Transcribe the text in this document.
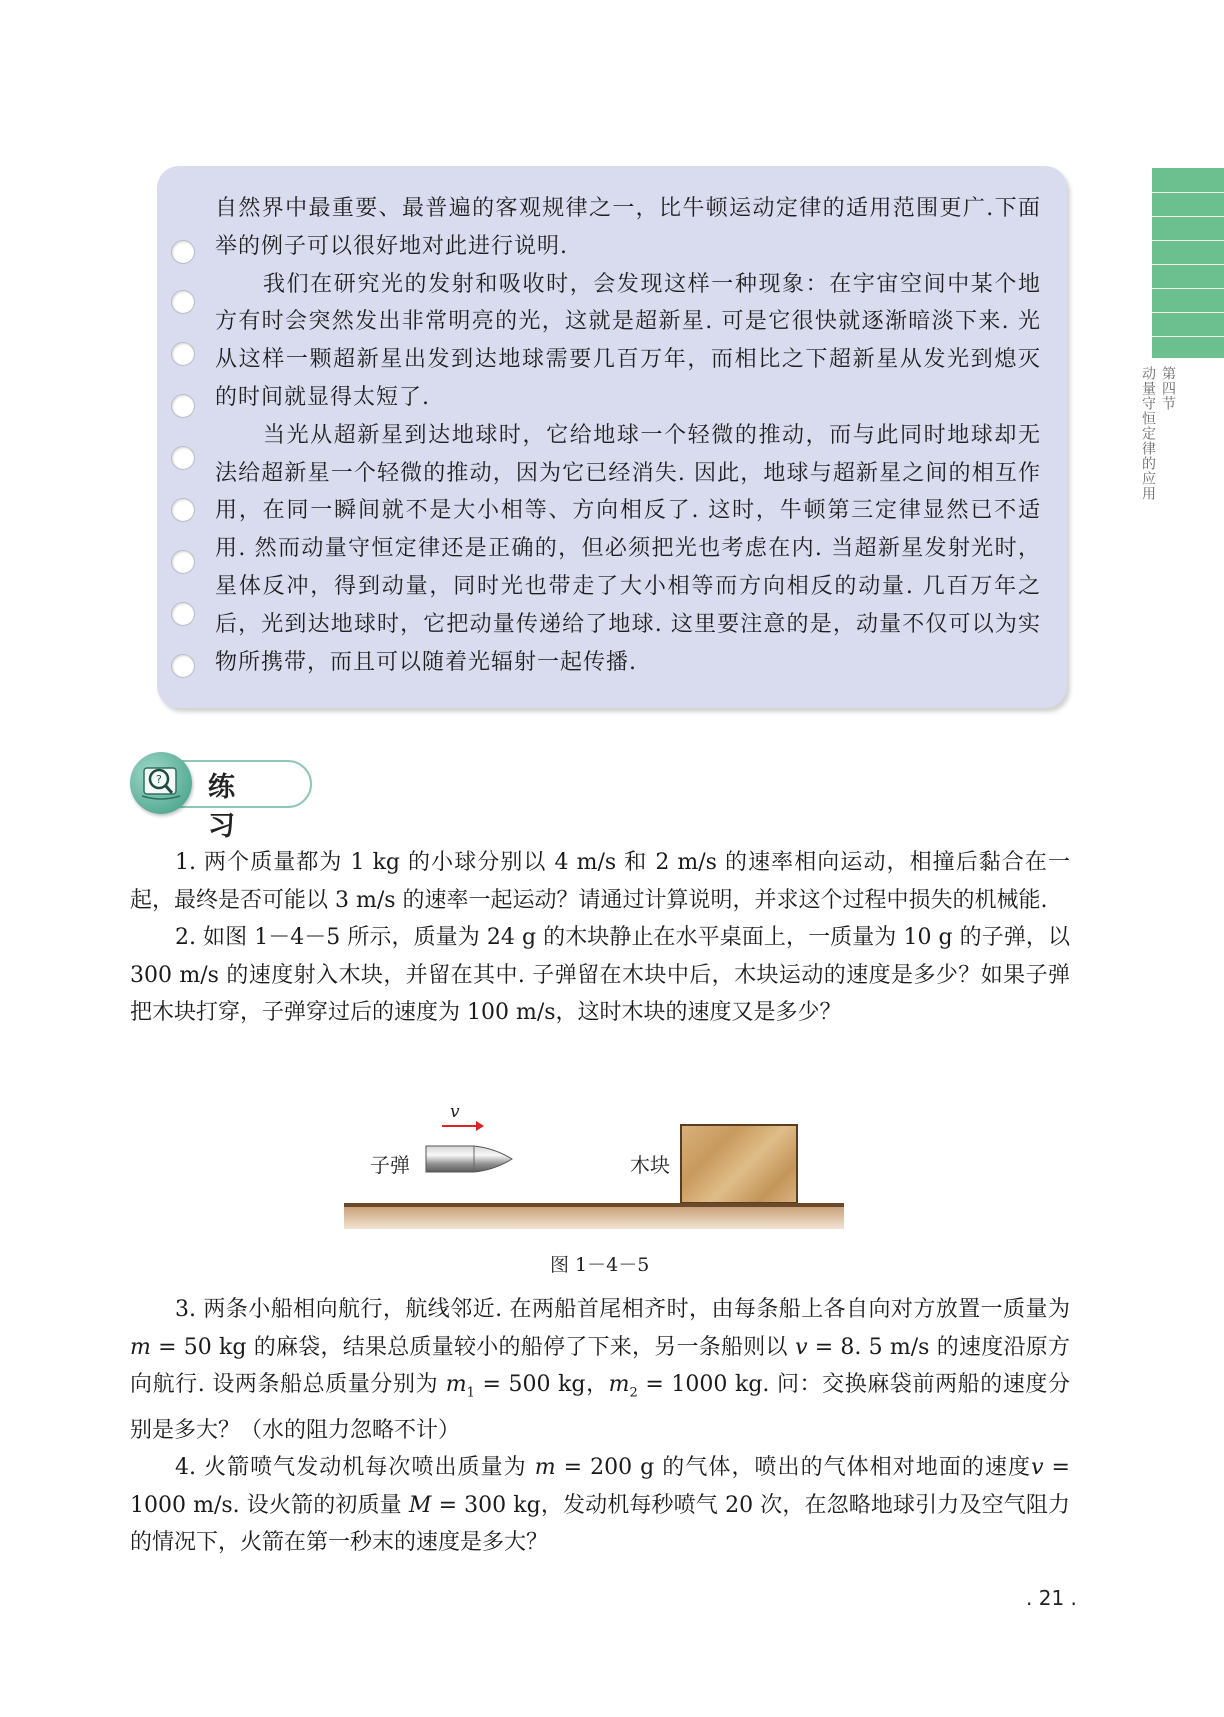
自然界中最重要、最普遍的客观规律之一，比牛顿运动定律的适用范围更广.下面举的例子可以很好地对此进行说明.

我们在研究光的发射和吸收时，会发现这样一种现象：在宇宙空间中某个地方有时会突然发出非常明亮的光，这就是超新星. 可是它很快就逐渐暗淡下来. 光从这样一颗超新星出发到达地球需要几百万年，而相比之下超新星从发光到熄灭的时间就显得太短了.

当光从超新星到达地球时，它给地球一个轻微的推动，而与此同时地球却无法给超新星一个轻微的推动，因为它已经消失. 因此，地球与超新星之间的相互作用，在同一瞬间就不是大小相等、方向相反了. 这时，牛顿第三定律显然已不适用. 然而动量守恒定律还是正确的，但必须把光也考虑在内. 当超新星发射光时，星体反冲，得到动量，同时光也带走了大小相等而方向相反的动量. 几百万年之后，光到达地球时，它把动量传递给了地球. 这里要注意的是，动量不仅可以为实物所携带，而且可以随着光辐射一起传播.

第四节
动量守恒定律的应用
? 练 习

1. 两个质量都为 1 kg 的小球分别以 4 m/s 和 2 m/s 的速率相向运动，相撞后黏合在一起，最终是否可能以 3 m/s 的速率一起运动？请通过计算说明，并求这个过程中损失的机械能.

2. 如图 1－4－5 所示，质量为 24 g 的木块静止在水平桌面上，一质量为 10 g 的子弹，以 300 m/s 的速度射入木块，并留在其中. 子弹留在木块中后，木块运动的速度是多少？如果子弹把木块打穿，子弹穿过后的速度为 100 m/s，这时木块的速度又是多少？

v
子弹	木块
图 1－4－5

3. 两条小船相向航行，航线邻近. 在两船首尾相齐时，由每条船上各自向对方放置一质量为 m = 50 kg 的麻袋，结果总质量较小的船停了下来，另一条船则以 v = 8. 5 m/s 的速度沿原方向航行. 设两条船总质量分别为 $m_1 = 500$ kg，$m_2 = 1000$ kg. 问：交换麻袋前两船的速度分别是多大？（水的阻力忽略不计）

4. 火箭喷气发动机每次喷出质量为 m = 200 g 的气体，喷出的气体相对地面的速度v = 1000 m/s. 设火箭的初质量 M = 300 kg，发动机每秒喷气 20 次，在忽略地球引力及空气阻力的情况下，火箭在第一秒末的速度是多大？

. 21 .
